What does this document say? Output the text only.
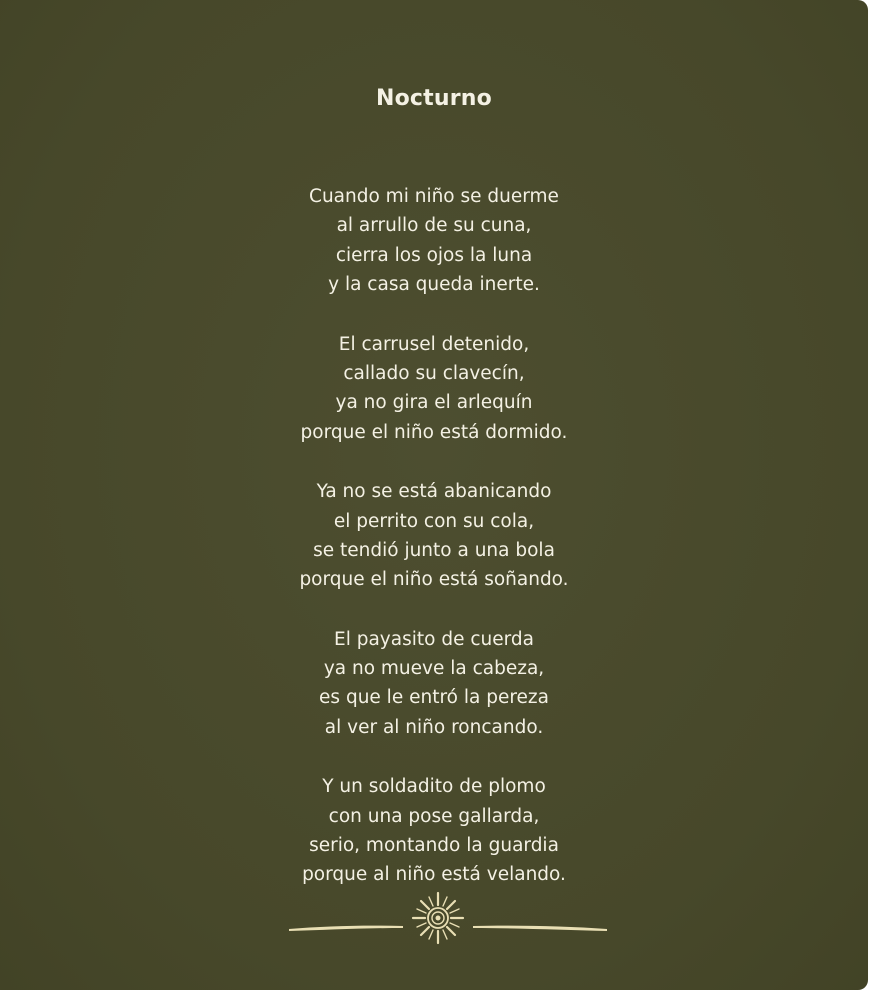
Nocturno
Cuando mi niño se duerme
al arrullo de su cuna,
cierra los ojos la luna
y la casa queda inerte.
El carrusel detenido,
callado su clavecín,
ya no gira el arlequín
porque el niño está dormido.
Ya no se está abanicando
el perrito con su cola,
se tendió junto a una bola
porque el niño está soñando.
El payasito de cuerda
ya no mueve la cabeza,
es que le entró la pereza
al ver al niño roncando.
Y un soldadito de plomo
con una pose gallarda,
serio, montando la guardia
porque al niño está velando.
